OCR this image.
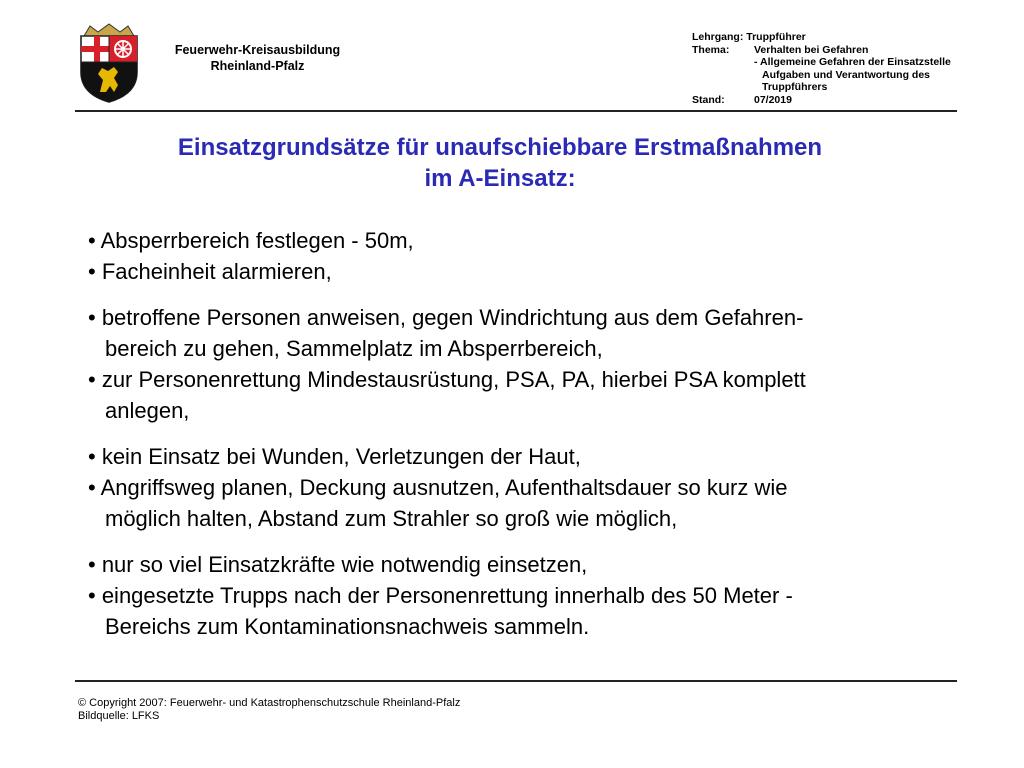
Feuerwehr-Kreisausbildung
Rheinland-Pfalz
Lehrgang: Truppführer
Thema: Verhalten bei Gefahren
- Allgemeine Gefahren der Einsatzstelle
Aufgaben und Verantwortung des
Truppführers
Stand:	07/2019
Einsatzgrundsätze für unaufschiebbare Erstmaßnahmen
im A-Einsatz:
• Absperrbereich festlegen - 50m,
• Facheinheit alarmieren,
• betroffene Personen anweisen, gegen Windrichtung aus dem Gefahren-
bereich zu gehen, Sammelplatz im Absperrbereich,
• zur Personenrettung Mindestausrüstung, PSA, PA, hierbei PSA komplett
anlegen,
• kein Einsatz bei Wunden, Verletzungen der Haut,
• Angriffsweg planen, Deckung ausnutzen, Aufenthaltsdauer so kurz wie
möglich halten, Abstand zum Strahler so groß wie möglich,
• nur so viel Einsatzkräfte wie notwendig einsetzen,
• eingesetzte Trupps nach der Personenrettung innerhalb des 50 Meter -
Bereichs zum Kontaminationsnachweis sammeln.
© Copyright 2007: Feuerwehr- und Katastrophenschutzschule Rheinland-Pfalz
Bildquelle: LFKS
